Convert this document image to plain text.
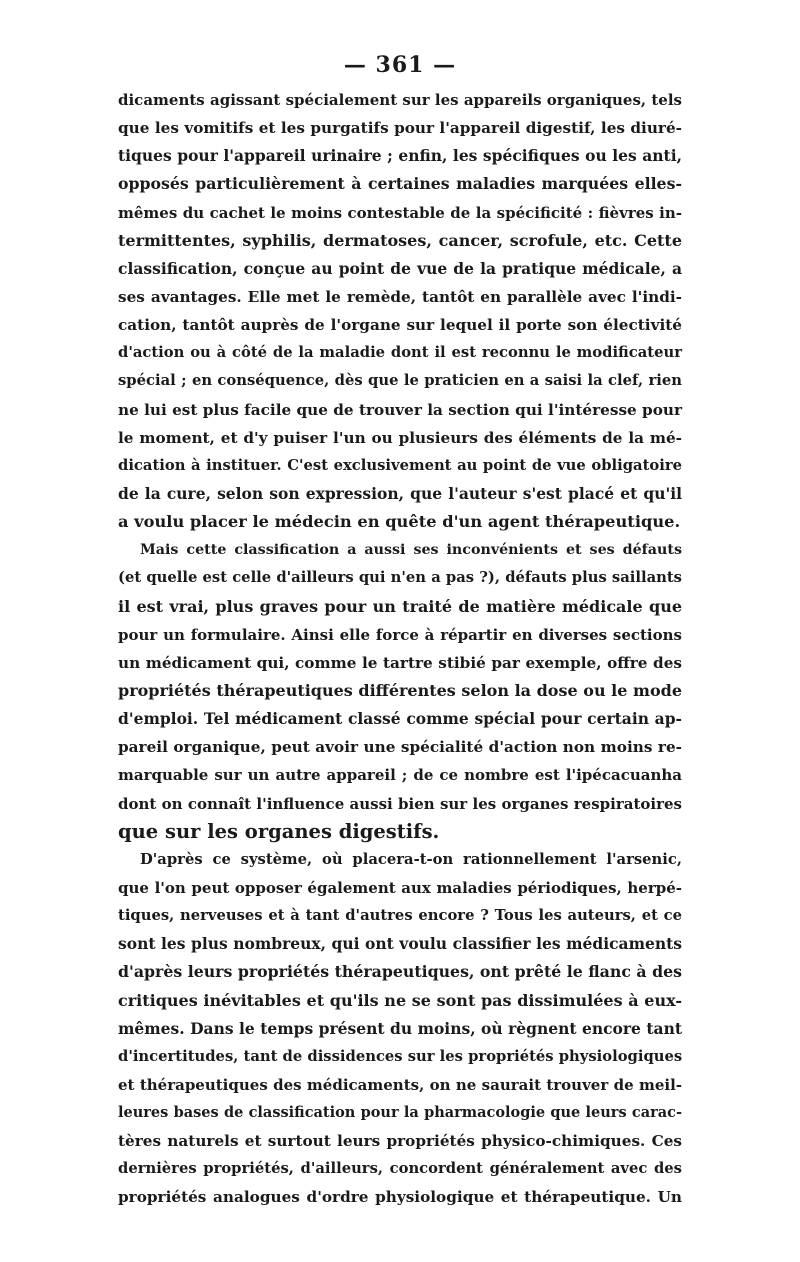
— 361 —
dicaments agissant spécialement sur les appareils organiques, tels
que les vomitifs et les purgatifs pour l'appareil digestif, les diuré-
tiques pour l'appareil urinaire ; enfin, les spécifiques ou les anti,
opposés particulièrement à certaines maladies marquées elles-
mêmes du cachet le moins contestable de la spécificité : fièvres in-
termittentes, syphilis, dermatoses, cancer, scrofule, etc. Cette
classification, conçue au point de vue de la pratique médicale, a
ses avantages. Elle met le remède, tantôt en parallèle avec l'indi-
cation, tantôt auprès de l'organe sur lequel il porte son électivité
d'action ou à côté de la maladie dont il est reconnu le modificateur
spécial ; en conséquence, dès que le praticien en a saisi la clef, rien
ne lui est plus facile que de trouver la section qui l'intéresse pour
le moment, et d'y puiser l'un ou plusieurs des éléments de la mé-
dication à instituer. C'est exclusivement au point de vue obligatoire
de la cure, selon son expression, que l'auteur s'est placé et qu'il
a voulu placer le médecin en quête d'un agent thérapeutique.
Mais cette classification a aussi ses inconvénients et ses défauts
(et quelle est celle d'ailleurs qui n'en a pas ?), défauts plus saillants
il est vrai, plus graves pour un traité de matière médicale que
pour un formulaire. Ainsi elle force à répartir en diverses sections
un médicament qui, comme le tartre stibié par exemple, offre des
propriétés thérapeutiques différentes selon la dose ou le mode
d'emploi. Tel médicament classé comme spécial pour certain ap-
pareil organique, peut avoir une spécialité d'action non moins re-
marquable sur un autre appareil ; de ce nombre est l'ipécacuanha
dont on connaît l'influence aussi bien sur les organes respiratoires
que sur les organes digestifs.
D'après ce système, où placera-t-on rationnellement l'arsenic,
que l'on peut opposer également aux maladies périodiques, herpé-
tiques, nerveuses et à tant d'autres encore ? Tous les auteurs, et ce
sont les plus nombreux, qui ont voulu classifier les médicaments
d'après leurs propriétés thérapeutiques, ont prêté le flanc à des
critiques inévitables et qu'ils ne se sont pas dissimulées à eux-
mêmes. Dans le temps présent du moins, où règnent encore tant
d'incertitudes, tant de dissidences sur les propriétés physiologiques
et thérapeutiques des médicaments, on ne saurait trouver de meil-
leures bases de classification pour la pharmacologie que leurs carac-
tères naturels et surtout leurs propriétés physico-chimiques. Ces
dernières propriétés, d'ailleurs, concordent généralement avec des
propriétés analogues d'ordre physiologique et thérapeutique. Un
